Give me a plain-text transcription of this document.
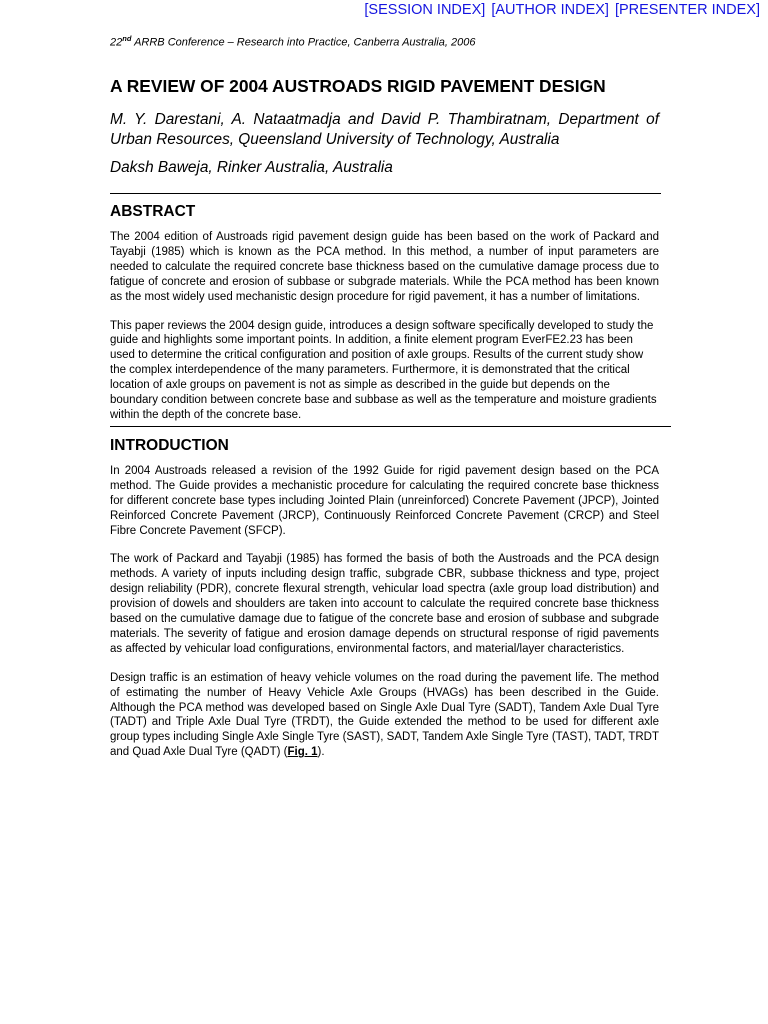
[SESSION INDEX] [AUTHOR INDEX] [PRESENTER INDEX]
22nd ARRB Conference – Research into Practice, Canberra Australia, 2006
A REVIEW OF 2004 AUSTROADS RIGID PAVEMENT DESIGN
M. Y. Darestani, A. Nataatmadja and David P. Thambiratnam, Department of Urban Resources, Queensland University of Technology, Australia
Daksh Baweja, Rinker Australia, Australia
ABSTRACT

The 2004 edition of Austroads rigid pavement design guide has been based on the work of Packard and Tayabji (1985) which is known as the PCA method. In this method, a number of input parameters are needed to calculate the required concrete base thickness based on the cumulative damage process due to fatigue of concrete and erosion of subbase or subgrade materials. While the PCA method has been known as the most widely used mechanistic design procedure for rigid pavement, it has a number of limitations.

This paper reviews the 2004 design guide, introduces a design software specifically developed to study the guide and highlights some important points. In addition, a finite element program EverFE2.23 has been used to determine the critical configuration and position of axle groups. Results of the current study show the complex interdependence of the many parameters. Furthermore, it is demonstrated that the critical location of axle groups on pavement is not as simple as described in the guide but depends on the boundary condition between concrete base and subbase as well as the temperature and moisture gradients within the depth of the concrete base.

INTRODUCTION

In 2004 Austroads released a revision of the 1992 Guide for rigid pavement design based on the PCA method. The Guide provides a mechanistic procedure for calculating the required concrete base thickness for different concrete base types including Jointed Plain (unreinforced) Concrete Pavement (JPCP), Jointed Reinforced Concrete Pavement (JRCP), Continuously Reinforced Concrete Pavement (CRCP) and Steel Fibre Concrete Pavement (SFCP).

The work of Packard and Tayabji (1985) has formed the basis of both the Austroads and the PCA design methods. A variety of inputs including design traffic, subgrade CBR, subbase thickness and type, project design reliability (PDR), concrete flexural strength, vehicular load spectra (axle group load distribution) and provision of dowels and shoulders are taken into account to calculate the required concrete base thickness based on the cumulative damage due to fatigue of the concrete base and erosion of subbase and subgrade materials. The severity of fatigue and erosion damage depends on structural response of rigid pavements as affected by vehicular load configurations, environmental factors, and material/layer characteristics.

Design traffic is an estimation of heavy vehicle volumes on the road during the pavement life. The method of estimating the number of Heavy Vehicle Axle Groups (HVAGs) has been described in the Guide. Although the PCA method was developed based on Single Axle Dual Tyre (SADT), Tandem Axle Dual Tyre (TADT) and Triple Axle Dual Tyre (TRDT), the Guide extended the method to be used for different axle group types including Single Axle Single Tyre (SAST), SADT, Tandem Axle Single Tyre (TAST), TADT, TRDT and Quad Axle Dual Tyre (QADT) (Fig. 1).
